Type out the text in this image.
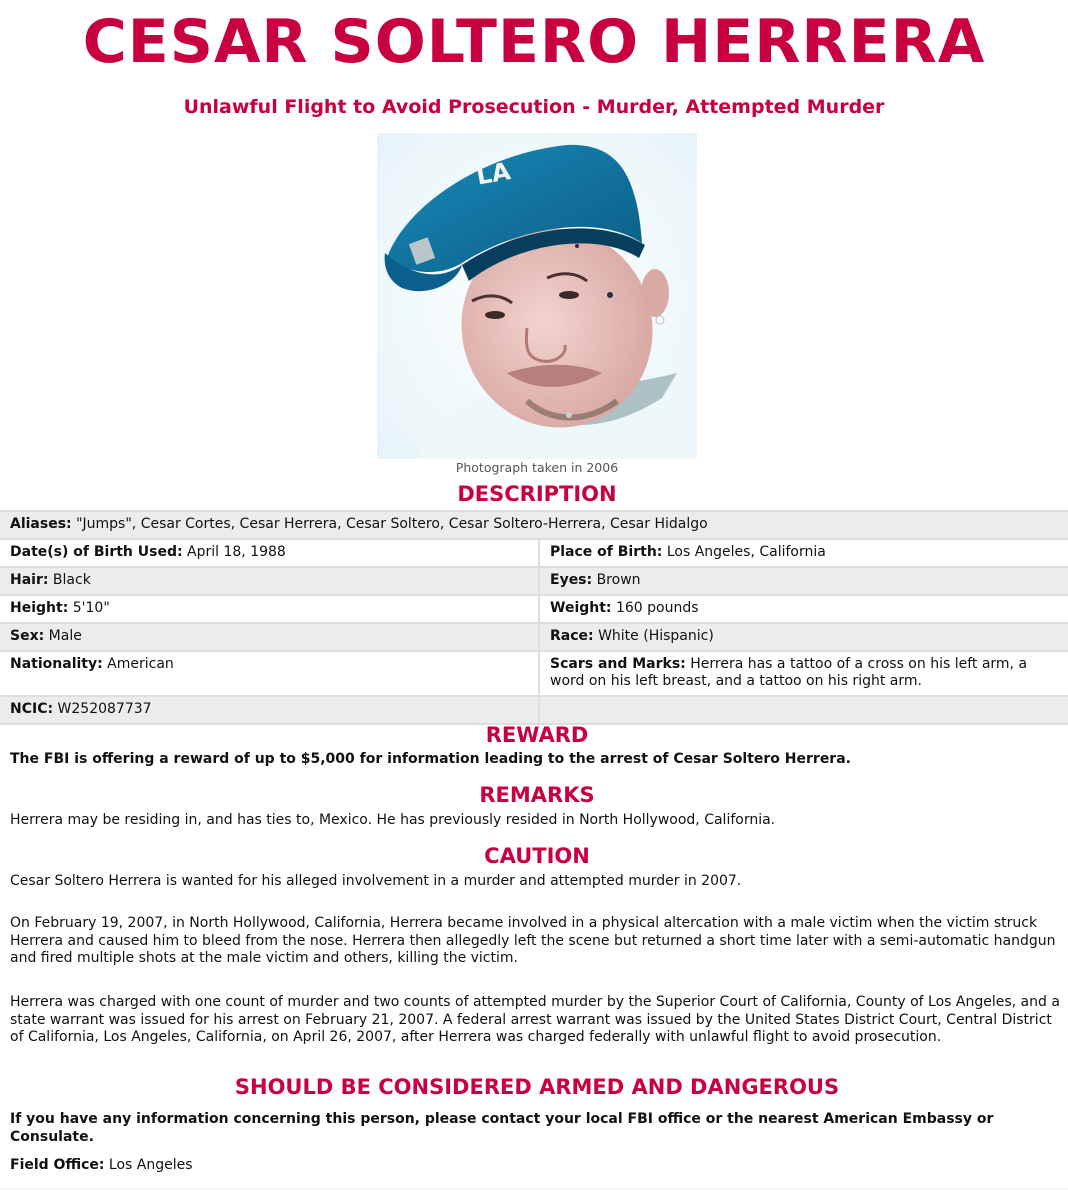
CESAR SOLTERO HERRERA
Unlawful Flight to Avoid Prosecution - Murder, Attempted Murder
LA
Photograph taken in 2006
DESCRIPTION
Aliases: "Jumps", Cesar Cortes, Cesar Herrera, Cesar Soltero, Cesar Soltero-Herrera, Cesar Hidalgo	
Date(s) of Birth Used: April 18, 1988	Place of Birth: Los Angeles, California
Hair: Black	Eyes: Brown
Height: 5'10"	Weight: 160 pounds
Sex: Male	Race: White (Hispanic)
Nationality: American	Scars and Marks: Herrera has a tattoo of a cross on his left arm, a word on his left breast, and a tattoo on his right arm.
NCIC: W252087737	
REWARD

The FBI is offering a reward of up to $5,000 for information leading to the arrest of Cesar Soltero Herrera.

REMARKS

Herrera may be residing in, and has ties to, Mexico. He has previously resided in North Hollywood, California.

CAUTION

Cesar Soltero Herrera is wanted for his alleged involvement in a murder and attempted murder in 2007.

On February 19, 2007, in North Hollywood, California, Herrera became involved in a physical altercation with a male victim when the victim struck Herrera and caused him to bleed from the nose. Herrera then allegedly left the scene but returned a short time later with a semi-automatic handgun and fired multiple shots at the male victim and others, killing the victim.

Herrera was charged with one count of murder and two counts of attempted murder by the Superior Court of California, County of Los Angeles, and a state warrant was issued for his arrest on February 21, 2007. A federal arrest warrant was issued by the United States District Court, Central District of California, Los Angeles, California, on April 26, 2007, after Herrera was charged federally with unlawful flight to avoid prosecution.

SHOULD BE CONSIDERED ARMED AND DANGEROUS

If you have any information concerning this person, please contact your local FBI office or the nearest American Embassy or Consulate.

Field Office: Los Angeles
